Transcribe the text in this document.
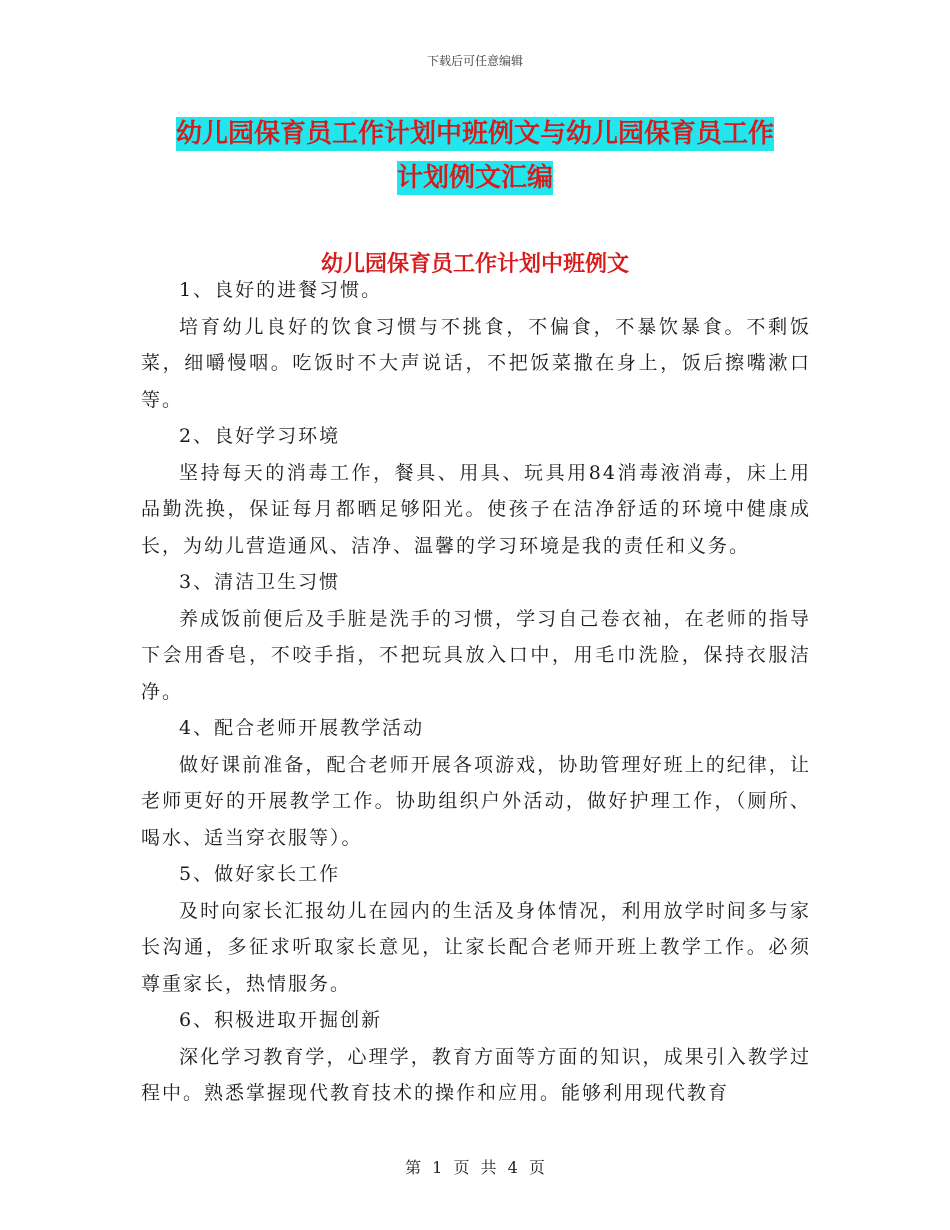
下载后可任意编辑
幼儿园保育员工作计划中班例文与幼儿园保育员工作
计划例文汇编
幼儿园保育员工作计划中班例文

1、良好的进餐习惯。

培育幼儿良好的饮食习惯与不挑食，不偏食，不暴饮暴食。不剩饭菜，细嚼慢咽。吃饭时不大声说话，不把饭菜撒在身上，饭后擦嘴漱口等。

2、良好学习环境

坚持每天的消毒工作，餐具、用具、玩具用84消毒液消毒，床上用品勤洗换，保证每月都晒足够阳光。使孩子在洁净舒适的环境中健康成长，为幼儿营造通风、洁净、温馨的学习环境是我的责任和义务。

3、清洁卫生习惯

养成饭前便后及手脏是洗手的习惯，学习自己卷衣袖，在老师的指导下会用香皂，不咬手指，不把玩具放入口中，用毛巾洗脸，保持衣服洁净。

4、配合老师开展教学活动

做好课前准备，配合老师开展各项游戏，协助管理好班上的纪律，让老师更好的开展教学工作。协助组织户外活动，做好护理工作，（厕所、喝水、适当穿衣服等）。

5、做好家长工作

及时向家长汇报幼儿在园内的生活及身体情况，利用放学时间多与家长沟通，多征求听取家长意见，让家长配合老师开班上教学工作。必须尊重家长，热情服务。

6、积极进取开掘创新

深化学习教育学，心理学，教育方面等方面的知识，成果引入教学过程中。熟悉掌握现代教育技术的操作和应用。能够利用现代教育

第 1 页 共 4 页
